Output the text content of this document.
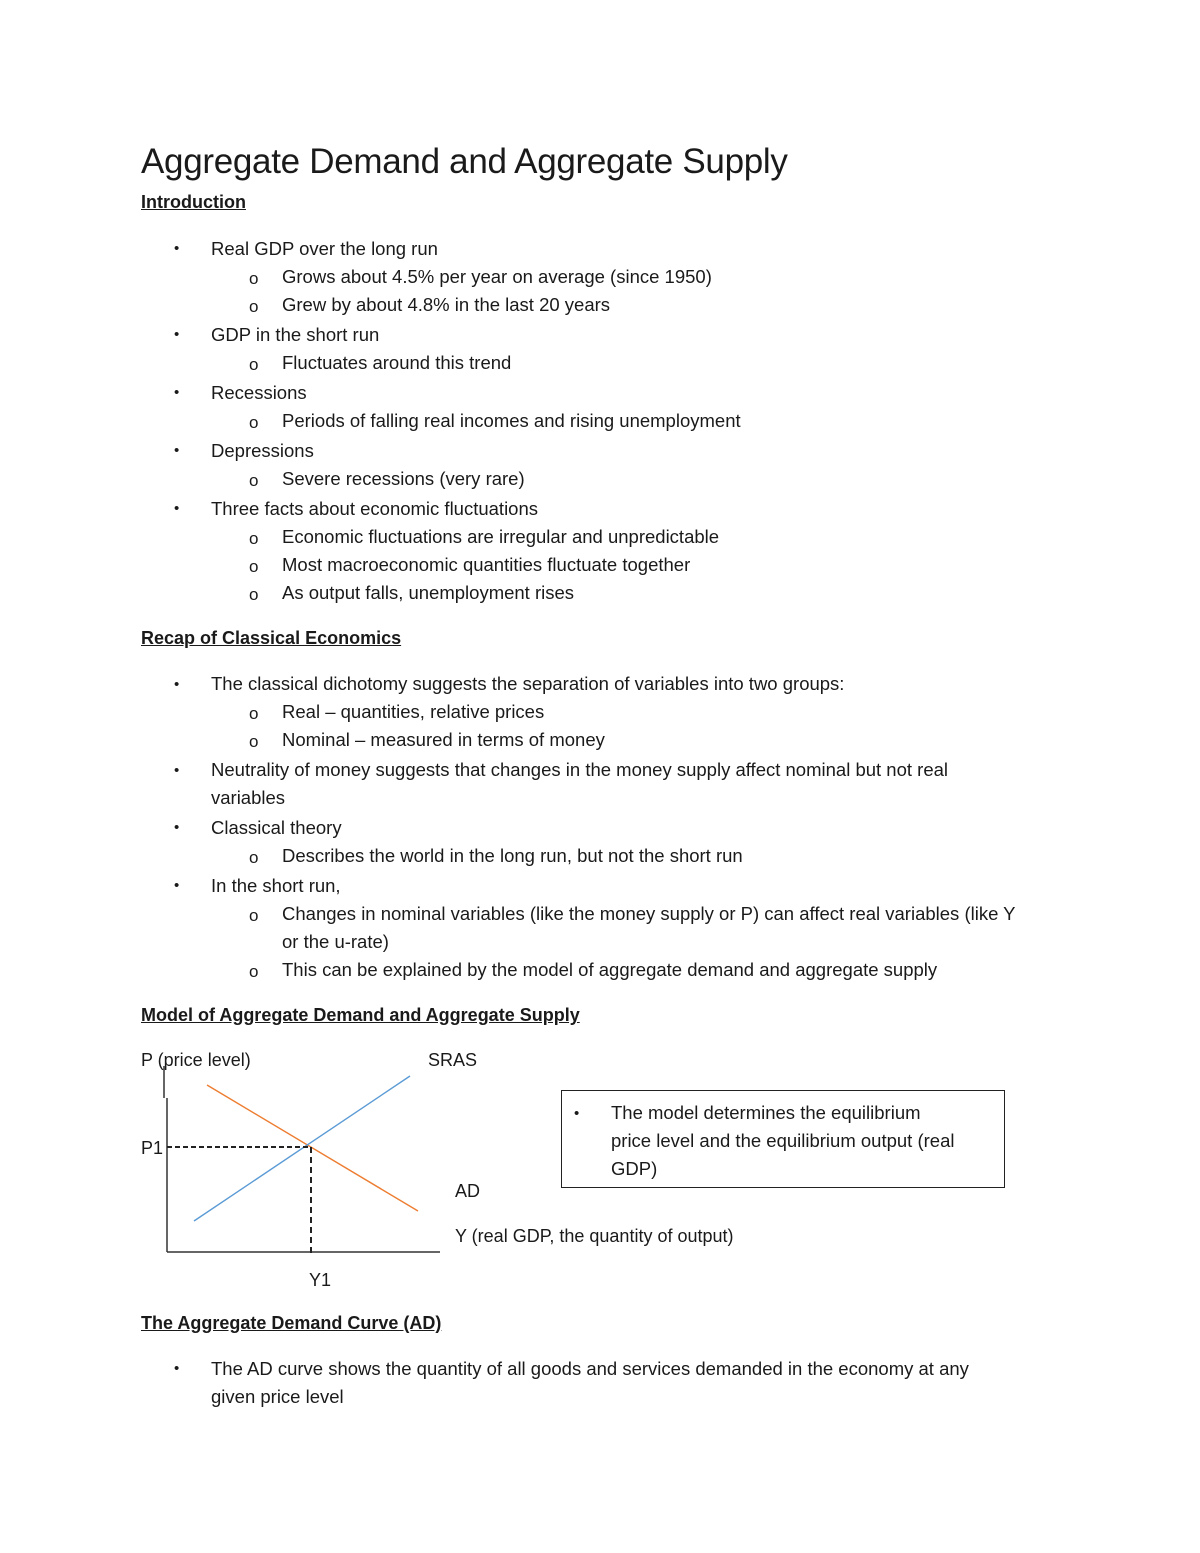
Aggregate Demand and Aggregate Supply
Introduction
• Real GDP over the long run
o Grows about 4.5% per year on average (since 1950)
o Grew by about 4.8% in the last 20 years
• GDP in the short run
o Fluctuates around this trend
• Recessions
o Periods of falling real incomes and rising unemployment
• Depressions
o Severe recessions (very rare)
• Three facts about economic fluctuations
o Economic fluctuations are irregular and unpredictable
o Most macroeconomic quantities fluctuate together
o As output falls, unemployment rises
Recap of Classical Economics
• The classical dichotomy suggests the separation of variables into two groups:
o Real – quantities, relative prices
o Nominal – measured in terms of money
• Neutrality of money suggests that changes in the money supply affect nominal but not real
variables
• Classical theory
o Describes the world in the long run, but not the short run
• In the short run,
o Changes in nominal variables (like the money supply or P) can affect real variables (like Y
or the u-rate)
o This can be explained by the model of aggregate demand and aggregate supply
Model of Aggregate Demand and Aggregate Supply
P (price level)	SRAS
P1
AD
Y (real GDP, the quantity of output)
Y1
• The model determines the equilibrium
price level and the equilibrium output (real
GDP)
The Aggregate Demand Curve (AD)
• The AD curve shows the quantity of all goods and services demanded in the economy at any
given price level
